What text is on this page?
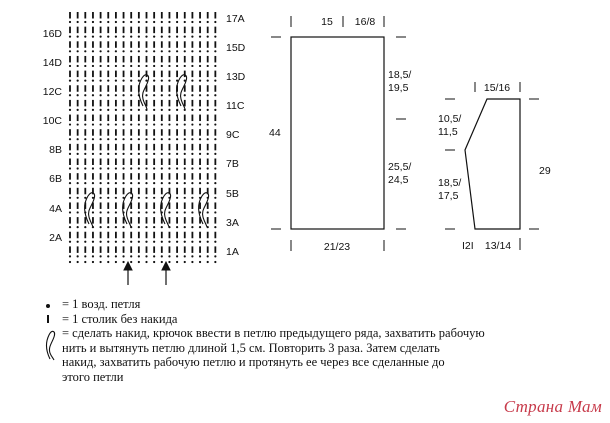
16D
14D
12C
10C
8B
6B
4A
2A
17A
15D
13D
11C
9C
7B
5B
3A
1A
15 16/8
18,5/ 19,5
25,5/ 24,5
44
21/23
15/16
10,5/ 11,5
18,5/ 17,5
29
I2I 13/14
= 1 возд. петля
= 1 столик без накида
= сделать накид, крючок ввести в петлю предыдущего ряда, захватить рабочую
нить и вытянуть петлю длиной 1,5 см. Повторить 3 раза. Затем сделать
накид, захватить рабочую петлю и протянуть ее через все сделанные до
этого петли
Страна Мам
